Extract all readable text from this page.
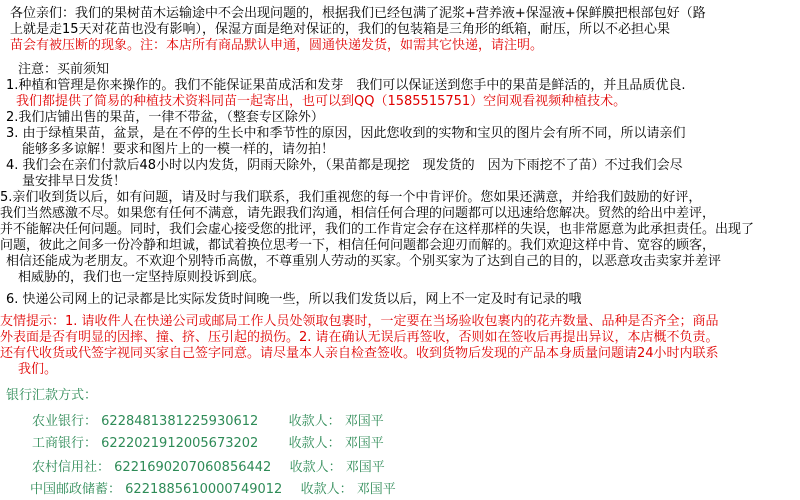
各位亲们：我们的果树苗木运输途中不会出现问题的，根据我们已经包满了泥浆+营养液+保湿液+保鲜膜把根部包好（路
上就是走15天对花苗也没有影响），保湿方面是绝对保证的，我们的包装箱是三角形的纸箱，耐压，所以不必担心果
苗会有被压断的现象。注：本店所有商品默认申通，圆通快递发货，如需其它快递，请注明。
注意：买前须知
1.种植和管理是你来操作的。我们不能保证果苗成活和发芽　我们可以保证送到您手中的果苗是鲜活的，并且品质优良.
我们都提供了简易的种植技术资料同苗一起寄出，也可以到QQ（1585515751）空间观看视频种植技术。
2.我们店铺出售的果苗，一律不带盆，（整套专区除外）
3. 由于绿植果苗，盆景，是在不停的生长中和季节性的原因，因此您收到的实物和宝贝的图片会有所不同，所以请亲们
能够多多谅解！要求和图片上的一模一样的，请勿拍！
4. 我们会在亲们付款后48小时以内发货，阴雨天除外，（果苗都是现挖　现发货的　因为下雨挖不了苗）不过我们会尽
量安排早日发货！
5.亲们收到货以后，如有问题，请及时与我们联系，我们重视您的每一个中肯评价。您如果还满意，并给我们鼓励的好评，
我们当然感激不尽。如果您有任何不满意，请先跟我们沟通，相信任何合理的问题都可以迅速给您解决。贸然的给出中差评，
并不能解决任何问题。同时，我们会虚心接受您的批评，我们的工作肯定会存在这样那样的失误，也非常愿意为此承担责任。出现了
问题，彼此之间多一份冷静和坦诚，都试着换位思考一下，相信任何问题都会迎刃而解的。我们欢迎这样中肯、宽容的顾客，
相信还能成为老朋友。不欢迎个别特币高傲，不尊重别人劳动的买家。个别买家为了达到自己的目的，以恶意攻击卖家并差评
相威胁的，我们也一定坚持原则投诉到底。
6. 快递公司网上的记录都是比实际发货时间晚一些，所以我们发货以后，网上不一定及时有记录的哦
友情提示：1. 请收件人在快递公司或邮局工作人员处领取包裹时，一定要在当场验收包裹内的花卉数量、品种是否齐全；商品
外表面是否有明显的因摔、撞、挤、压引起的损伤。2. 请在确认无误后再签收，否则如在签收后再提出异议，本店概不负责。
还有代收货或代签字视同买家自己签字同意。请尽量本人亲自检查签收。收到货物后发现的产品本身质量问题请24小时内联系
我们。
银行汇款方式：
农业银行： 6228481381225930612 收款人： 邓国平
工商银行： 6222021912005673202 收款人： 邓国平
农村信用社： 6221690207060856442 收款人： 邓国平
中国邮政储蓄： 6221885610000749012 收款人： 邓国平
